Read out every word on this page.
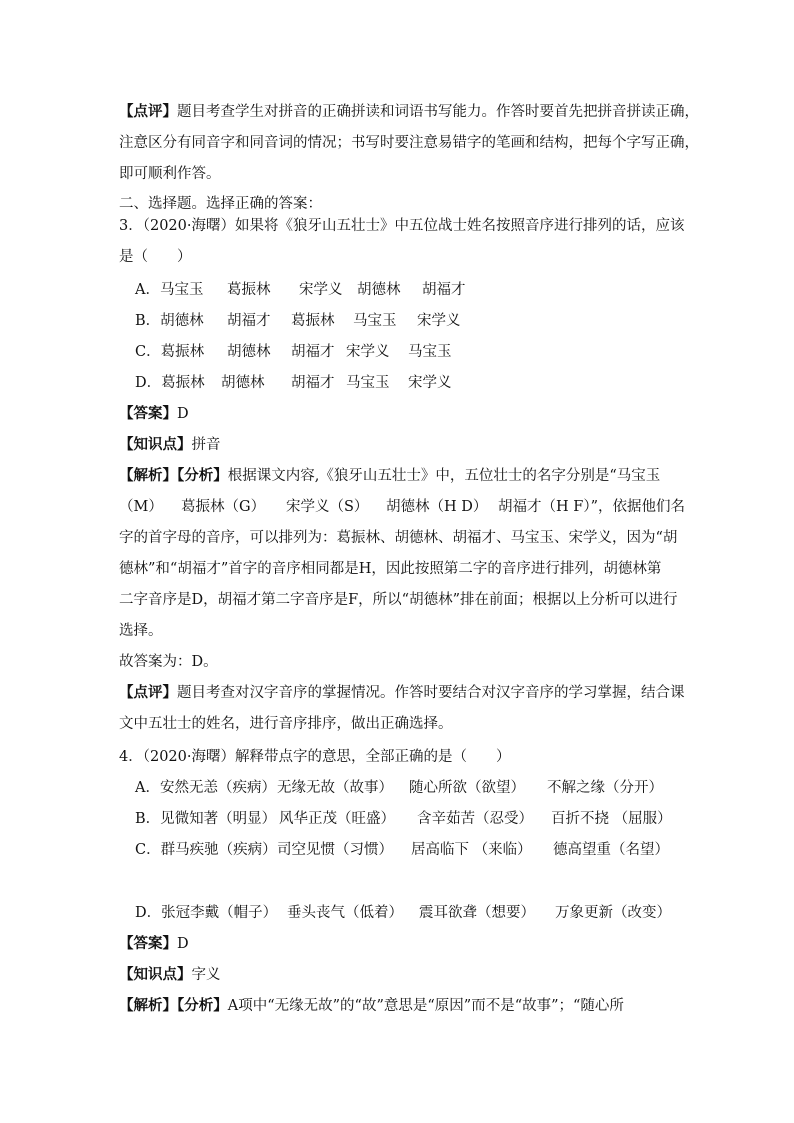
【点评】题目考查学生对拼音的正确拼读和词语书写能力。作答时要首先把拼音拼读正确，
注意区分有同音字和同音词的情况；书写时要注意易错字的笔画和结构，把每个字写正确，
即可顺利作答。
二、选择题。选择正确的答案：
3．（2020·海曙）如果将《狼牙山五壮士》中五位战士姓名按照音序进行排列的话，应该
是（　　）
A．马宝玉 葛振林 宋学义 胡德林 胡福才
B．胡德林 胡福才 葛振林 马宝玉 宋学义
C．葛振林 胡德林 胡福才 宋学义 马宝玉
D．葛振林 胡德林 胡福才 马宝玉 宋学义
【答案】D
【知识点】拼音
【解析】【分析】根据课文内容,《狼牙山五壮士》中，五位壮士的名字分别是“马宝玉
（M） 葛振林（G） 宋学义（S） 胡德林（H D） 胡福才（H F）”，依据他们名
字的首字母的音序，可以排列为：葛振林、胡德林、胡福才、马宝玉、宋学义，因为“胡
德林”和“胡福才”首字的音序相同都是H，因此按照第二字的音序进行排列，胡德林第
二字音序是D，胡福才第二字音序是F，所以“胡德林”排在前面；根据以上分析可以进行
选择。
故答案为：D。
【点评】题目考查对汉字音序的掌握情况。作答时要结合对汉字音序的学习掌握，结合课
文中五壮士的姓名，进行音序排序，做出正确选择。
4．（2020·海曙）解释带点字的意思，全部正确的是（　　）
A．安然无恙（疾病）无缘无故（故事） 随心所欲（欲望） 不解之缘（分开）
B．见微知著（明显） 风华正茂（旺盛） 含辛茹苦（忍受） 百折不挠 （屈服）
C．群马疾驰（疾病）司空见惯（习惯） 居高临下 （来临） 德高望重（名望）
D．张冠李戴（帽子） 垂头丧气（低着） 震耳欲聋（想要） 万象更新（改变）
【答案】D
【知识点】字义
【解析】【分析】A项中“无缘无故”的“故”意思是“原因”而不是“故事”；“随心所
